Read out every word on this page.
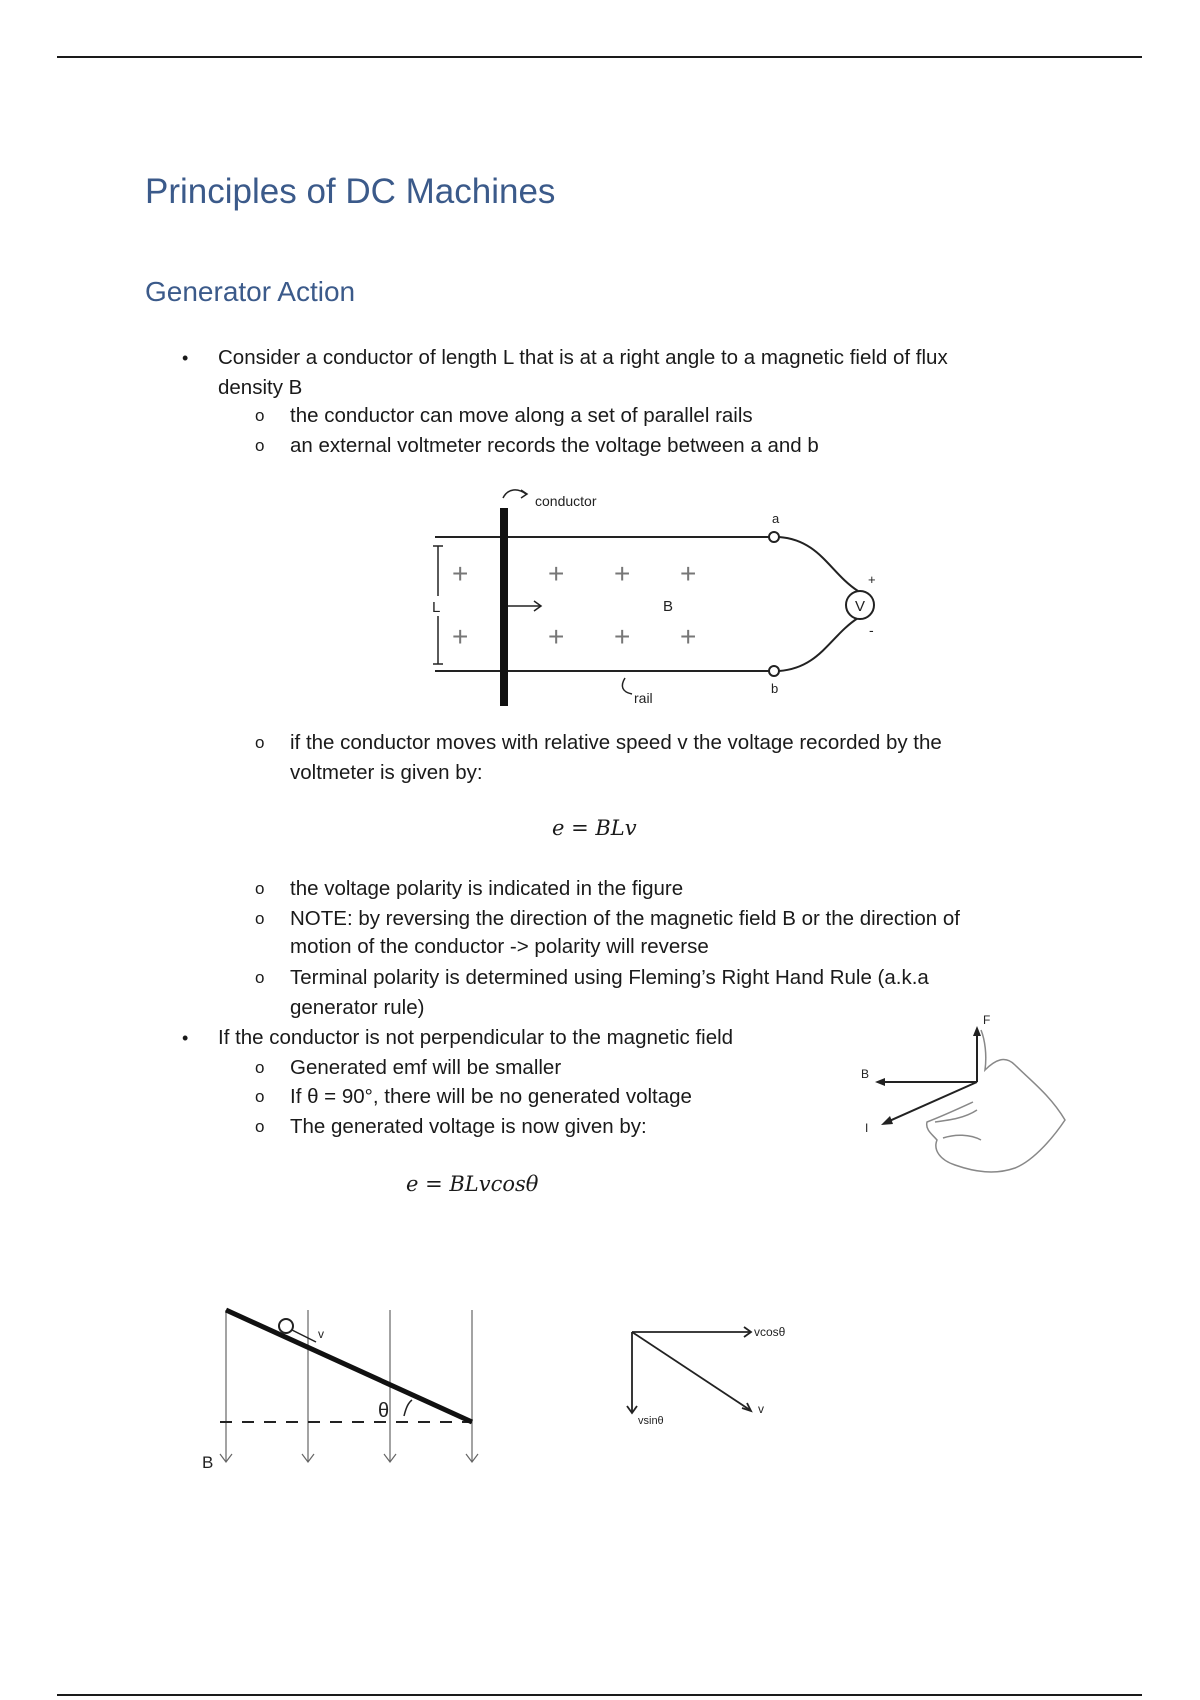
Principles of DC Machines
Generator Action
• Consider a conductor of length L that is at a right angle to a magnetic field of flux
density B
o the conductor can move along a set of parallel rails
o an external voltmeter records the voltage between a and b
V
+
-
a
b
L
+
+
+ + +
+ + +
B
conductor
rail
o if the conductor moves with relative speed v the voltage recorded by the
voltmeter is given by:
e = BLv
o the voltage polarity is indicated in the figure
o NOTE: by reversing the direction of the magnetic field B or the direction of
motion of the conductor -> polarity will reverse
o Terminal polarity is determined using Fleming’s Right Hand Rule (a.k.a
generator rule)
• If the conductor is not perpendicular to the magnetic field
o Generated emf will be smaller
o If θ = 90°, there will be no generated voltage
o The generated voltage is now given by:
e = BLvcosθ
F
B
I
v
θ
B
vcosθ
vsinθ
v
